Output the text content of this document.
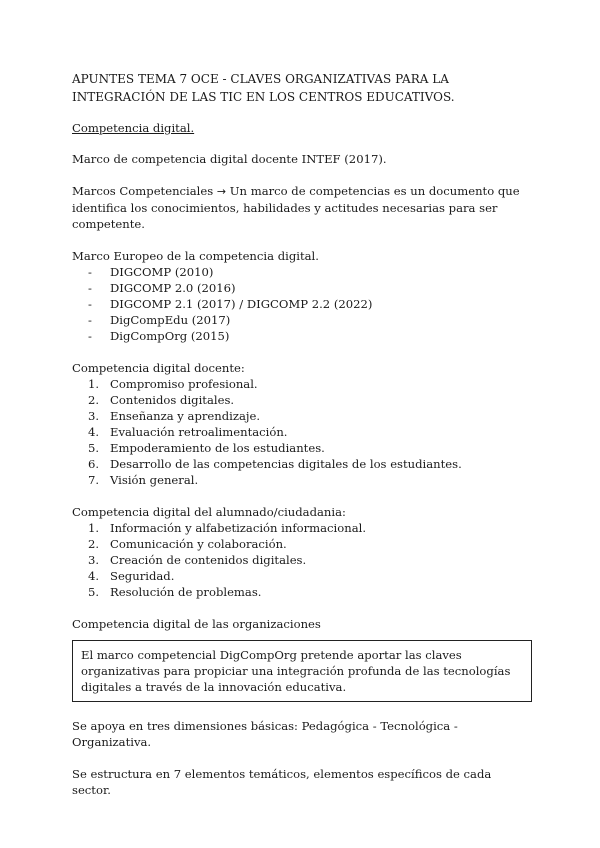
APUNTES TEMA 7 OCE - CLAVES ORGANIZATIVAS PARA LA INTEGRACIÓN DE LAS TIC EN LOS CENTROS EDUCATIVOS.
Competencia digital.

Marco de competencia digital docente INTEF (2017).

Marcos Competenciales → Un marco de competencias es un documento que identifica los conocimientos, habilidades y actitudes necesarias para ser competente.

Marco Europeo de la competencia digital.
- DIGCOMP (2010)
- DIGCOMP 2.0 (2016)
- DIGCOMP 2.1 (2017) / DIGCOMP 2.2 (2022)
- DigCompEdu (2017)
- DigCompOrg (2015)
Competencia digital docente:
Compromiso profesional.
Contenidos digitales.
Enseñanza y aprendizaje.
Evaluación retroalimentación.
Empoderamiento de los estudiantes.
Desarrollo de las competencias digitales de los estudiantes.
Visión general.
Competencia digital del alumnado/ciudadania:
Información y alfabetización informacional.
Comunicación y colaboración.
Creación de contenidos digitales.
Seguridad.
Resolución de problemas.
Competencia digital de las organizaciones
El marco competencial DigCompOrg pretende aportar las claves organizativas para propiciar una integración profunda de las tecnologías digitales a través de la innovación educativa.

Se apoya en tres dimensiones básicas: Pedagógica - Tecnológica - Organizativa.

Se estructura en 7 elementos temáticos, elementos específicos de cada sector.
